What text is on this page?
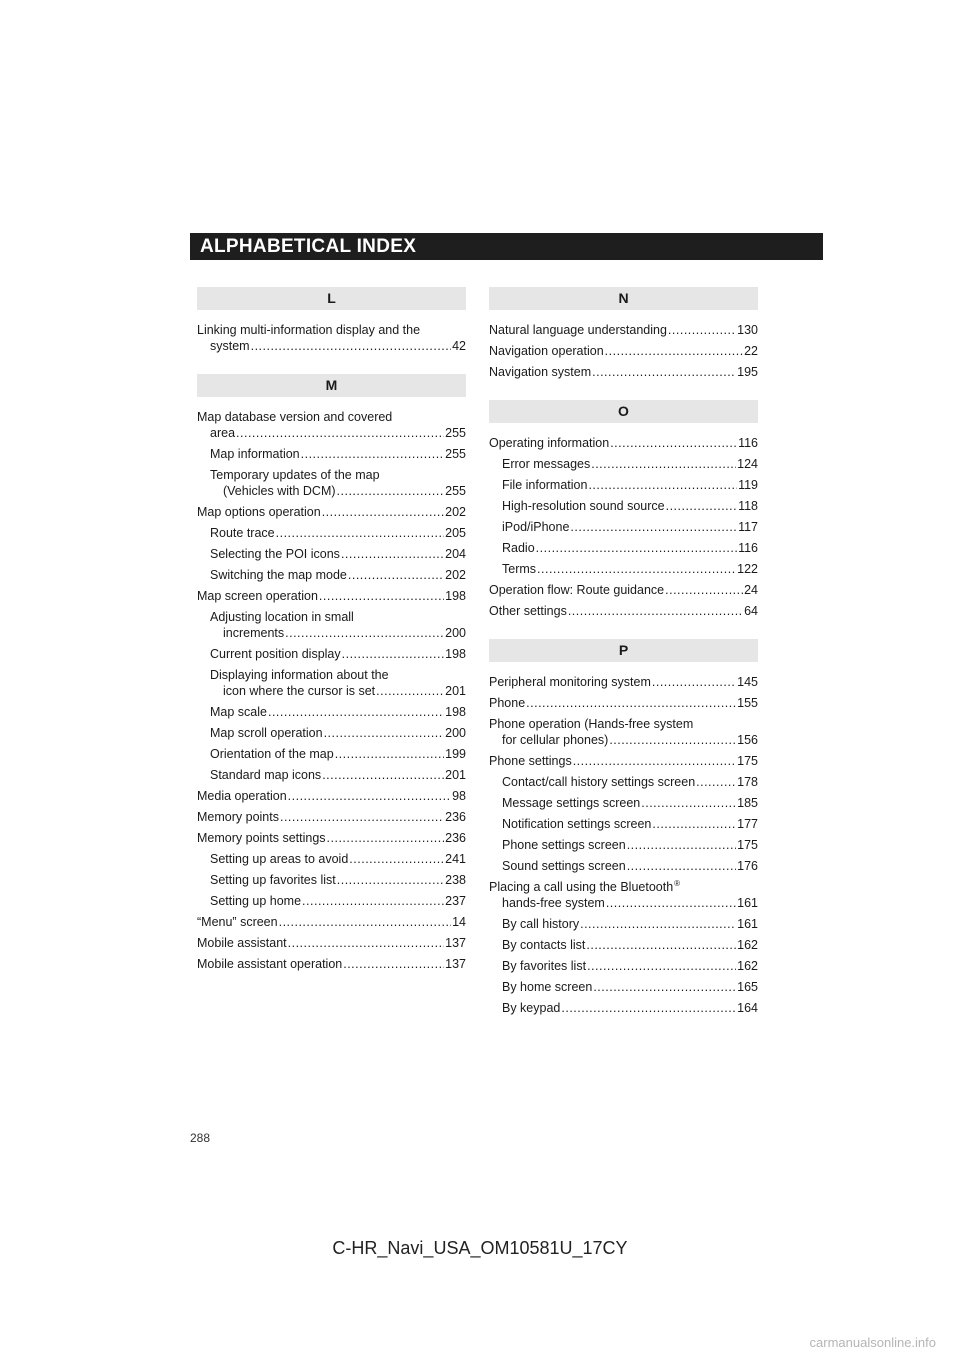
ALPHABETICAL INDEX
L
Linking multi-information display and the
system .....	42
M
Map database version and covered
area .....	255
Map information .....	255
Temporary updates of the map
(Vehicles with DCM) .....	255
Map options operation .....	202
Route trace .....	205
Selecting the POI icons .....	204
Switching the map mode .....	202
Map screen operation .....	198
Adjusting location in small
increments .....	200
Current position display .....	198
Displaying information about the
icon where the cursor is set .....	201
Map scale .....	198
Map scroll operation .....	200
Orientation of the map .....	199
Standard map icons .....	201
Media operation .....	98
Memory points .....	236
Memory points settings .....	236
Setting up areas to avoid .....	241
Setting up favorites list .....	238
Setting up home .....	237
“Menu” screen .....	14
Mobile assistant .....	137
Mobile assistant operation .....	137
N
Natural language understanding .....	130
Navigation operation .....	22
Navigation system .....	195
O
Operating information .....	116
Error messages .....	124
File information .....	119
High-resolution sound source .....	118
iPod/iPhone .....	117
Radio .....	116
Terms .....	122
Operation flow: Route guidance .....	24
Other settings .....	64
P
Peripheral monitoring system .....	145
Phone .....	155
Phone operation (Hands-free system
for cellular phones) .....	156
Phone settings .....	175
Contact/call history settings screen .....	178
Message settings screen .....	185
Notification settings screen .....	177
Phone settings screen .....	175
Sound settings screen .....	176
Placing a call using the Bluetooth®
hands-free system .....	161
By call history .....	161
By contacts list .....	162
By favorites list .....	162
By home screen .....	165
By keypad .....	164
288
C-HR_Navi_USA_OM10581U_17CY
carmanualsonline.info
